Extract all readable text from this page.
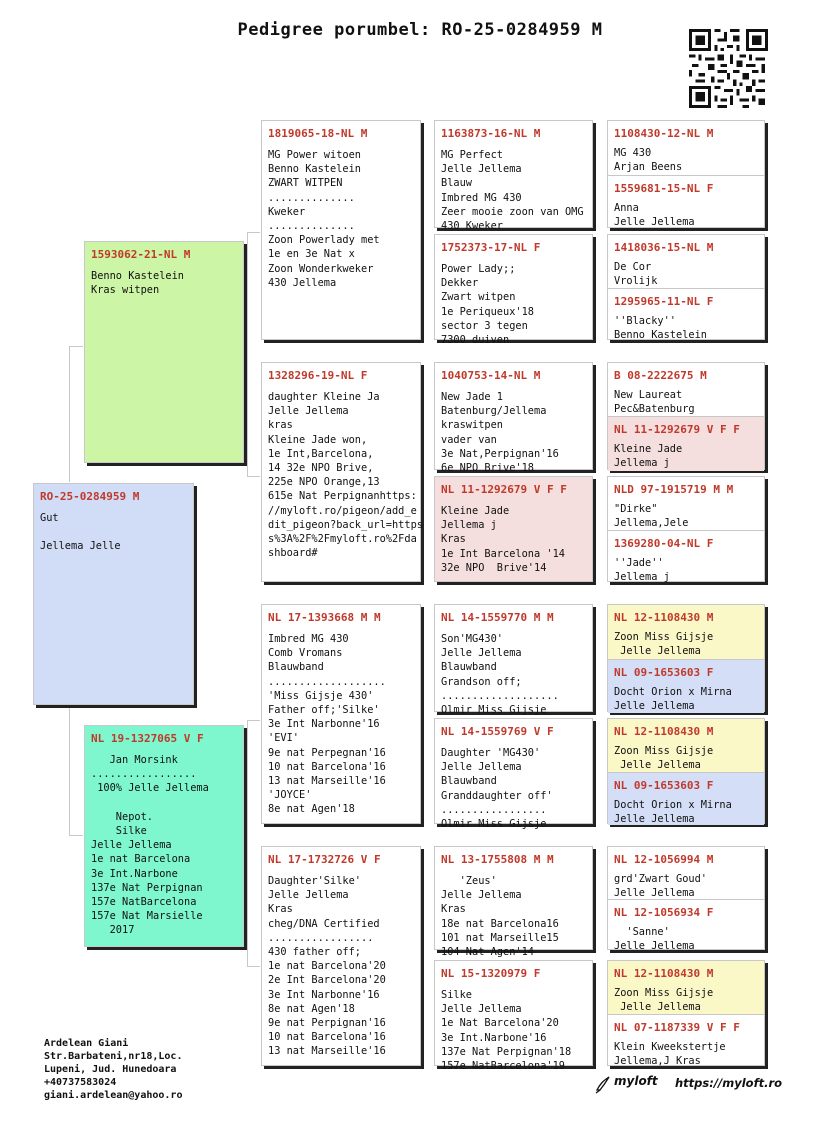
Pedigree porumbel: RO-25-0284959 M
RO-25-0284959 M
Gut

Jellema Jelle
1593062-21-NL M
Benno Kastelein
Kras witpen
NL 19-1327065 V F
Jan Morsink
.................
100% Jelle Jellema

Nepot.
Silke
Jelle Jellema
1e nat Barcelona
3e Int.Narbone
137e Nat Perpignan
157e NatBarcelona
157e Nat Marsielle
2017
1819065-18-NL M
MG Power witoen
Benno Kastelein
ZWART WITPEN
..............
Kweker
..............
Zoon Powerlady met
1e en 3e Nat x
Zoon Wonderkweker
430 Jellema
1328296-19-NL F
daughter Kleine Ja
Jelle Jellema
kras
Kleine Jade won,
1e Int,Barcelona,
14 32e NPO Brive,
225e NPO Orange,13
615e Nat Perpignanhttps:
//myloft.ro/pigeon/add_e
dit_pigeon?back_url=https
s%3A%2F%2Fmyloft.ro%2Fda
shboard#
NL 17-1393668 M M
Imbred MG 430
Comb Vromans
Blauwband
...................
'Miss Gijsje 430'
Father off;'Silke'
3e Int Narbonne'16
'EVI'
9e nat Perpegnan'16
10 nat Barcelona'16
13 nat Marseille'16
'JOYCE'
8e nat Agen'18
NL 17-1732726 V F
Daughter'Silke'
Jelle Jellema
Kras
cheg/DNA Certified
.................
430 father off;
1e nat Barcelona'20
2e Int Barcelona'20
3e Int Narbonne'16
8e nat Agen'18
9e nat Perpignan'16
10 nat Barcelona'16
13 nat Marseille'16
1163873-16-NL M
MG Perfect
Jelle Jellema
Blauw
Imbred MG 430
Zeer mooie zoon van OMG
430 Kweker
1752373-17-NL F
Power Lady;;
Dekker
Zwart witpen
1e Periqueux'18
sector 3 tegen
7300 duiven
1040753-14-NL M
New Jade 1
Batenburg/Jellema
kraswitpen
vader van
3e Nat,Perpignan'16
6e NPO Brive'18
NL 11-1292679 V F F
Kleine Jade
Jellema j
Kras
1e Int Barcelona '14
32e NPO  Brive'14
NL 14-1559770 M M
Son'MG430'
Jelle Jellema
Blauwband
Grandson off;
...................
Olmir Miss Gijsje
NL 14-1559769 V F
Daughter 'MG430'
Jelle Jellema
Blauwband
Granddaughter off'
.................
Olmir Miss Gijsje
NL 13-1755808 M M
'Zeus'
Jelle Jellema
Kras
18e nat Barcelona16
101 nat Marseille15
104 Nat Agen'14
NL 15-1320979 F
Silke
Jelle Jellema
1e Nat Barcelona'20
3e Int.Narbone'16
137e Nat Perpignan'18
157e NatBarcelona'19
1108430-12-NL M
MG 430
Arjan Beens
1559681-15-NL F
Anna
Jelle Jellema
1418036-15-NL M
De Cor
Vrolijk
1295965-11-NL F
''Blacky''
Benno Kastelein
B 08-2222675 M
New Laureat
Pec&Batenburg
NL 11-1292679 V F F
Kleine Jade
Jellema j
NLD 97-1915719 M M
"Dirke"
Jellema,Jele
1369280-04-NL F
''Jade''
Jellema j
NL 12-1108430 M
Zoon Miss Gijsje
Jelle Jellema
NL 09-1653603 F
Docht Orion x Mirna
Jelle Jellema
NL 12-1108430 M
Zoon Miss Gijsje
Jelle Jellema
NL 09-1653603 F
Docht Orion x Mirna
Jelle Jellema
NL 12-1056994 M
grd'Zwart Goud'
Jelle Jellema
NL 12-1056934 F
'Sanne'
Jelle Jellema
NL 12-1108430 M
Zoon Miss Gijsje
Jelle Jellema
NL 07-1187339 V F F
Klein Kweekstertje
Jellema,J Kras
Ardelean Giani
Str.Barbateni,nr18,Loc.
Lupeni, Jud. Hunedoara
+40737583024
giani.ardelean@yahoo.ro
myloft https://myloft.ro
